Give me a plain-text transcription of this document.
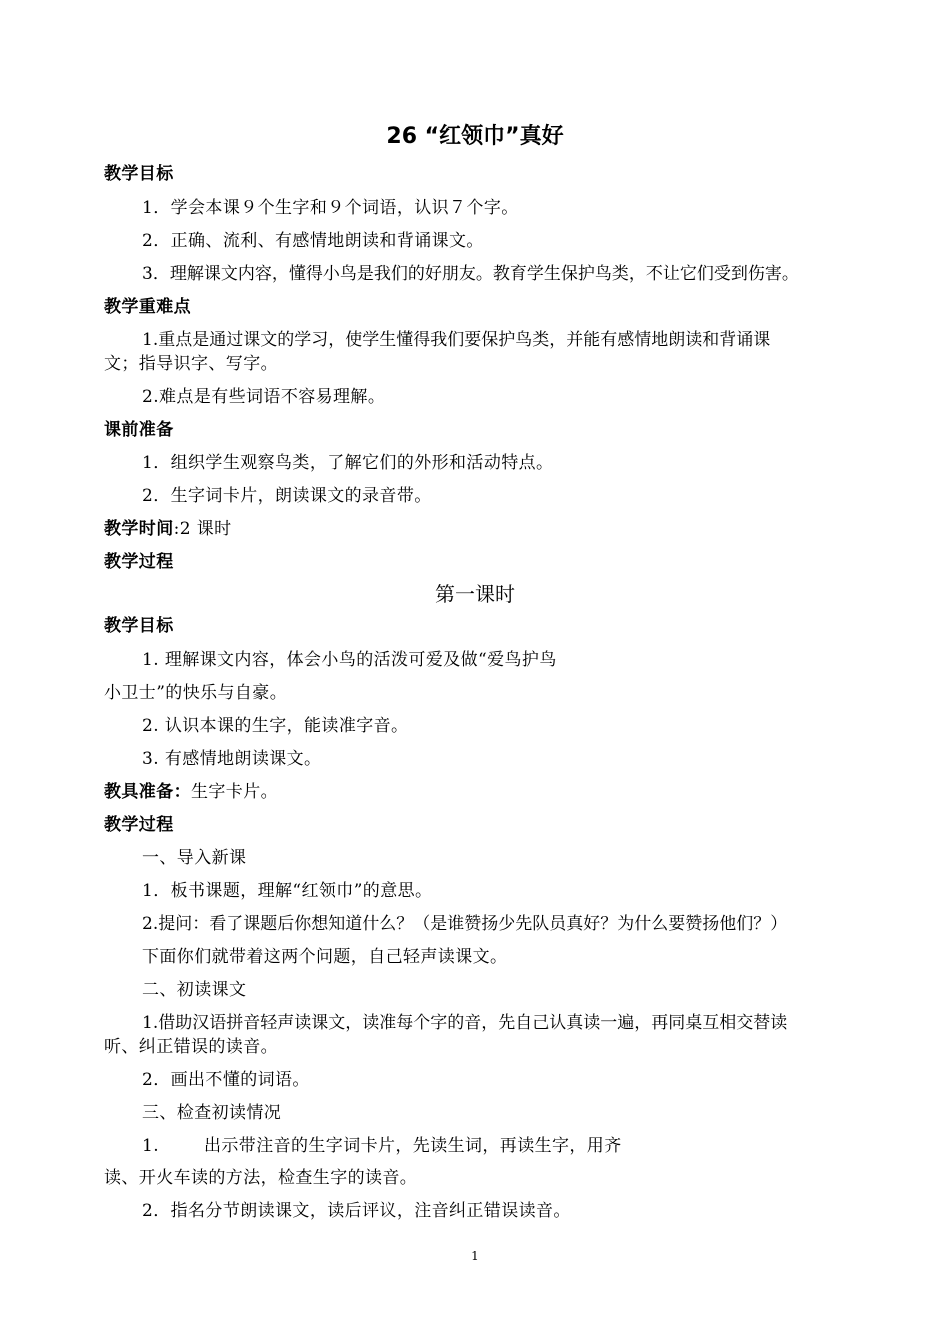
26 “红领巾”真好
教学目标
1．学会本课９个生字和９个词语，认识７个字。
2．正确、流利、有感情地朗读和背诵课文。
3．理解课文内容，懂得小鸟是我们的好朋友。教育学生保护鸟类，不让它们受到伤害。
教学重难点
1.重点是通过课文的学习，使学生懂得我们要保护鸟类，并能有感情地朗读和背诵课
文；指导识字、写字。
2.难点是有些词语不容易理解。
课前准备
1．组织学生观察鸟类，了解它们的外形和活动特点。
2．生字词卡片，朗读课文的录音带。
教学时间:2 课时
教学过程
第一课时
教学目标
1. 理解课文内容，体会小鸟的活泼可爱及做“爱鸟护鸟
小卫士”的快乐与自豪。
2. 认识本课的生字，能读准字音。
3. 有感情地朗读课文。
教具准备：生字卡片。
教学过程
一、导入新课
1．板书课题，理解“红领巾”的意思。
2.提问：看了课题后你想知道什么？（是谁赞扬少先队员真好？为什么要赞扬他们？）
下面你们就带着这两个问题，自己轻声读课文。
二、初读课文
1.借助汉语拼音轻声读课文，读准每个字的音，先自己认真读一遍，再同桌互相交替读
听、纠正错误的读音。
2．画出不懂的词语。
三、检查初读情况
1.	出示带注音的生字词卡片，先读生词，再读生字，用齐
读、开火车读的方法，检查生字的读音。
2．指名分节朗读课文，读后评议，注音纠正错误读音。
1
